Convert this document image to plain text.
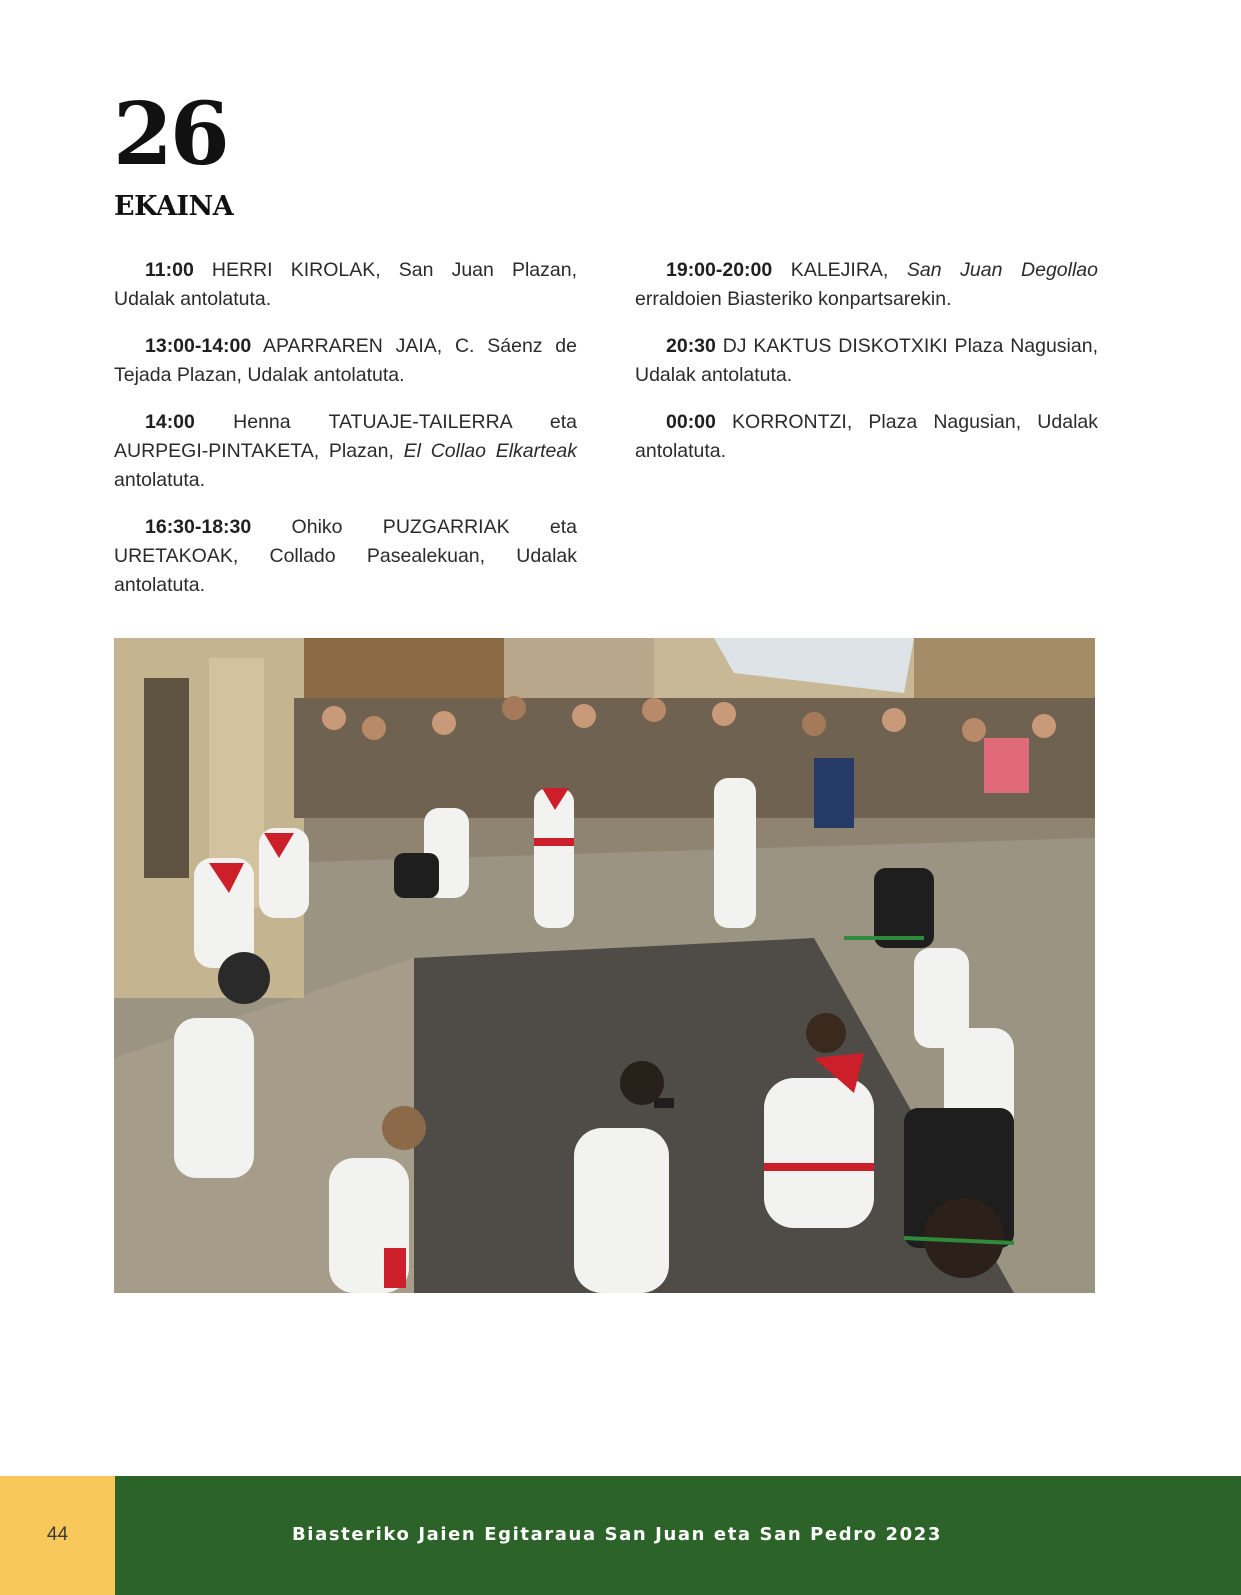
26
EKAINA

11:00 HERRI KIROLAK, San Juan Plazan, Udalak antolatuta.

13:00-14:00 APARRAREN JAIA, C. Sáenz de Tejada Plazan, Udalak antolatuta.

14:00 Henna TATUAJE-TAILERRA eta AURPEGI-PINTAKETA, Plazan, El Collao Elkarteak antolatuta.

16:30-18:30 Ohiko PUZGARRIAK eta URETAKOAK, Collado Pasealekuan, Udalak antolatuta.

19:00-20:00 KALEJIRA, San Juan Degollao erraldoien Biasteriko konpartsarekin.

20:30 DJ KAKTUS DISKOTXIKI Plaza Nagusian, Udalak antolatuta.

00:00 KORRONTZI, Plaza Nagusian, Udalak antolatuta.

44	Biasteriko Jaien Egitaraua San Juan eta San Pedro 2023
